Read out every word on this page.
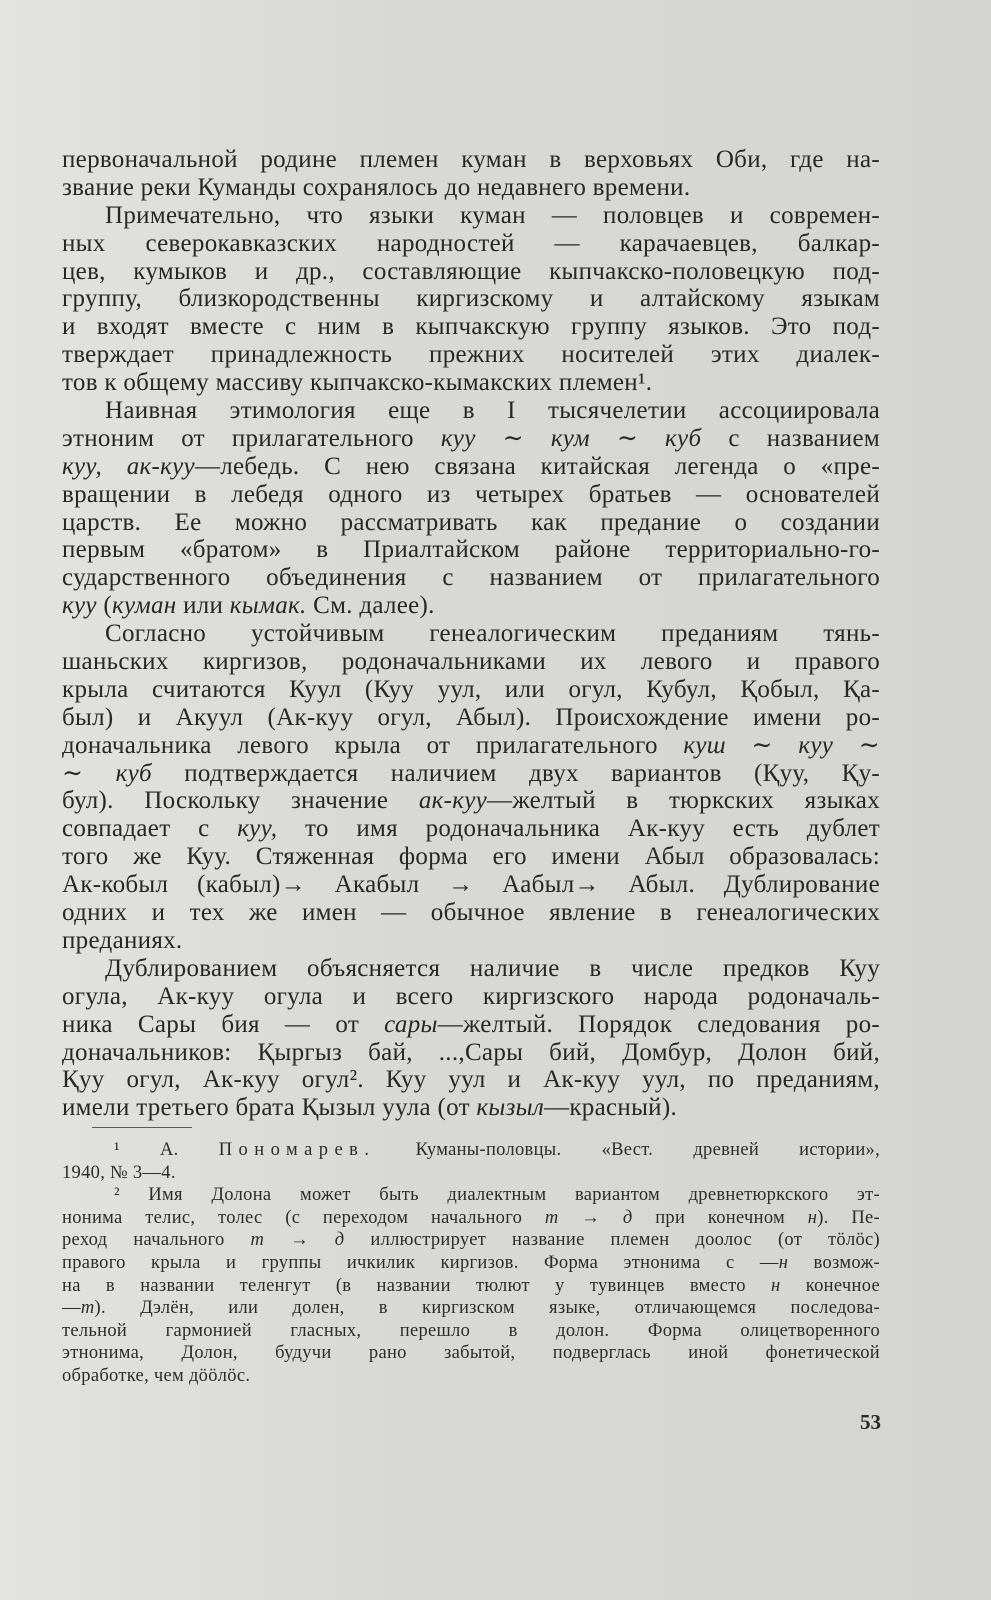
первоначальной родине племен куман в верховьях Оби, где на-
звание реки Куманды сохранялось до недавнего времени.
Примечательно, что языки куман — половцев и современ-
ных северокавказских народностей — карачаевцев, балкар-
цев, кумыков и др., составляющие кыпчакско-половецкую под-
группу, близкородственны киргизскому и алтайскому языкам
и входят вместе с ним в кыпчакскую группу языков. Это под-
тверждает принадлежность прежних носителей этих диалек-
тов к общему массиву кыпчакско-кымакских племен¹.
Наивная этимология еще в I тысячелетии ассоциировала
этноним от прилагательного куу ∼ кум ∼ куб с названием
куу, ак-куу—лебедь. С нею связана китайская легенда о «пре-
вращении в лебедя одного из четырех братьев — основателей
царств. Ее можно рассматривать как предание о создании
первым «братом» в Приалтайском районе территориально-го-
сударственного объединения с названием от прилагательного
куу (куман или кымак. См. далее).
Согласно устойчивым генеалогическим преданиям тянь-
шаньских киргизов, родоначальниками их левого и правого
крыла считаются Куул (Куу уул, или огул, Кубул, Қобыл, Қа-
был) и Акуул (Ак-куу огул, Абыл). Происхождение имени ро-
доначальника левого крыла от прилагательного куш ∼ куу ∼
∼ куб подтверждается наличием двух вариантов (Қуу, Қу-
бул). Поскольку значение ак-куу—желтый в тюркских языках
совпадает с куу, то имя родоначальника Ак-куу есть дублет
того же Куу. Стяженная форма его имени Абыл образовалась:
Ак-кобыл (кабыл)→ Акабыл → Аабыл→ Абыл. Дублирование
одних и тех же имен — обычное явление в генеалогических
преданиях.
Дублированием объясняется наличие в числе предков Куу
огула, Ак-куу огула и всего киргизского народа родоначаль-
ника Сары бия — от сары—желтый. Порядок следования ро-
доначальников: Қыргыз бай, ...,Сары бий, Домбур, Долон бий,
Қуу огул, Ак-куу огул². Куу уул и Ак-куу уул, по преданиям,
имели третьего брата Қызыл уула (от кызыл—красный).
¹ А. Пономарев. Куманы-половцы. «Вест. древней истории»,
1940, № 3—4.
² Имя Долона может быть диалектным вариантом древнетюркского эт-
нонима телис, толес (с переходом начального т → д при конечном н). Пе-
реход начального т → д иллюстрирует название племен доолос (от тӧлӧс)
правого крыла и группы ичкилик киргизов. Форма этнонима с —н возмож-
на в названии теленгут (в названии тюлют у тувинцев вместо н конечное
—т). Дэлён, или долен, в киргизском языке, отличающемся последова-
тельной гармонией гласных, перешло в долон. Форма олицетворенного
этнонима, Долон, будучи рано забытой, подверглась иной фонетической
обработке, чем дӧӧлӧс.
53
